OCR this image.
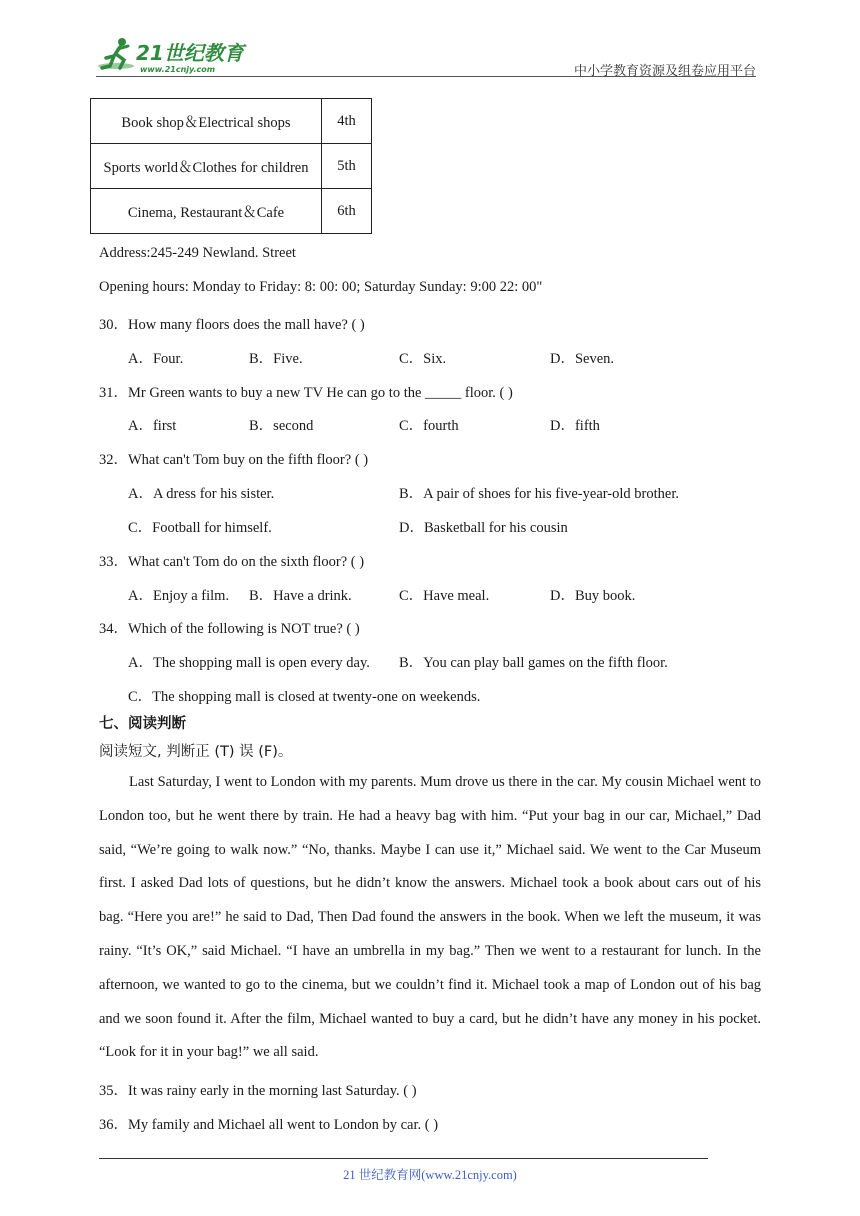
21世纪教育
www.21cnjy.com	中小学教育资源及组卷应用平台
Book shop＆Electrical shops	4th
Sports world＆Clothes for children	5th
Cinema, Restaurant＆Cafe	6th
Address:245-249 Newland. Street
Opening hours: Monday to Friday: 8: 00: 00; Saturday Sunday: 9:00 22: 00"
30．How many floors does the mall have? ( )
A．Four.	B．Five.	C．Six.	D．Seven.
31．Mr Green wants to buy a new TV He can go to the _____ floor. ( )
A．first	B．second	C．fourth	D．fifth
32．What can't Tom buy on the fifth floor? ( )
A．A dress for his sister.	B．A pair of shoes for his five-year-old brother.
C．Football for himself.	D．Basketball for his cousin
33．What can't Tom do on the sixth floor? ( )
A．Enjoy a film. B．Have a drink.	C．Have meal.	D．Buy book.
34．Which of the following is NOT true? ( )
A．The shopping mall is open every day. B．You can play ball games on the fifth floor.
C．The shopping mall is closed at twenty-one on weekends.
七、阅读判断
阅读短文, 判断正 (T) 误 (F)。
Last Saturday, I went to London with my parents. Mum drove us there in the car. My cousin Michael went to London too, but he went there by train. He had a heavy bag with him. “Put your bag in our car, Michael,” Dad said, “We’re going to walk now.” “No, thanks. Maybe I can use it,” Michael said. We went to the Car Museum first. I asked Dad lots of questions, but he didn’t know the answers. Michael took a book about cars out of his bag. “Here you are!” he said to Dad, Then Dad found the answers in the book. When we left the museum, it was rainy. “It’s OK,” said Michael. “I have an umbrella in my bag.” Then we went to a restaurant for lunch. In the afternoon, we wanted to go to the cinema, but we couldn’t find it. Michael took a map of London out of his bag and we soon found it. After the film, Michael wanted to buy a card, but he didn’t have any money in his pocket. “Look for it in your bag!” we all said.
35．It was rainy early in the morning last Saturday. ( )
36．My family and Michael all went to London by car. ( )
21 世纪教育网(www.21cnjy.com)
